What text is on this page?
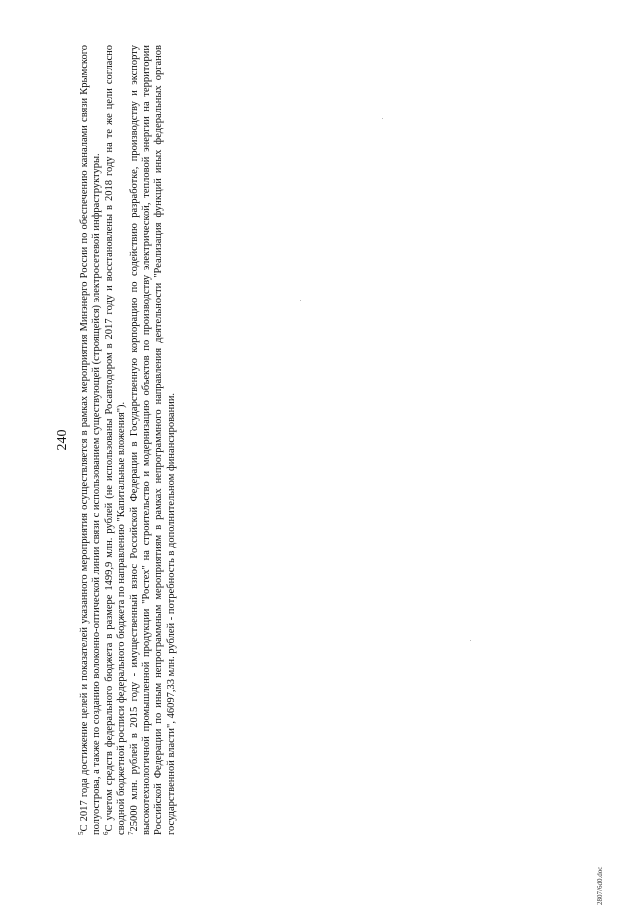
240

$^5$С 2017 года достижение целей и показателей указанного мероприятия осуществляется в рамках мероприятия Минэнерго России по обеспечению каналами связи Крымского полуострова, а также по созданию волоконно-оптической линии связи с использованием существующей (строящейся) электросетевой инфраструктуры. $^6$С учетом средств федерального бюджета в размере 1499,9 млн. рублей (не использованы Росавтодором в 2017 году и восстановлены в 2018 году на те же цели согласно сводной бюджетной росписи федерального бюджета по направлению "Капитальные вложения"). $^7$25000 млн. рублей в 2015 году - имущественный взнос Российской Федерации в Государственную корпорацию по содействию разработке, производству и экспорту высокотехнологичной промышленной продукции "Ростех" на строительство и модернизацию объектов по производству электрической, тепловой энергии на территории Российской Федерации по иным непрограммным мероприятиям в рамках непрограммного направления деятельности "Реализация функций иных федеральных органов государственной власти", 46097,33 млн. рублей - потребность в дополнительном финансировании.

2807/6d0.doc
